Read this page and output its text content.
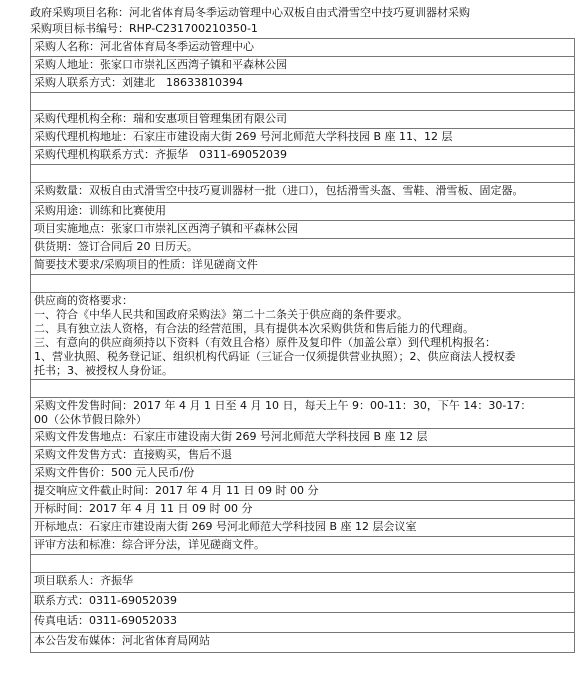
政府采购项目名称：河北省体育局冬季运动管理中心双板自由式滑雪空中技巧夏训器材采购
采购项目标书编号：RHP-C231700210350-1
采购人名称：河北省体育局冬季运动管理中心
采购人地址：张家口市崇礼区西湾子镇和平森林公园
采购人联系方式：刘建北　18633810394

采购代理机构全称：瑞和安惠项目管理集团有限公司
采购代理机构地址：石家庄市建设南大街 269 号河北师范大学科技园 B 座 11、12 层
采购代理机构联系方式：齐振华　0311-69052039

采购数量：双板自由式滑雪空中技巧夏训器材一批（进口），包括滑雪头盔、雪鞋、滑雪板、固定器。
采购用途：训练和比赛使用
项目实施地点：张家口市崇礼区西湾子镇和平森林公园
供货期：签订合同后 20 日历天。
简要技术要求/采购项目的性质：详见磋商文件

供应商的资格要求：
一、符合《中华人民共和国政府采购法》第二十二条关于供应商的条件要求。
二、具有独立法人资格，有合法的经营范围，具有提供本次采购供货和售后能力的代理商。
三、有意向的供应商须持以下资料（有效且合格）原件及复印件（加盖公章）到代理机构报名：
1、营业执照、税务登记证、组织机构代码证（三证合一仅须提供营业执照）；2、供应商法人授权委
托书；3、被授权人身份证。

采购文件发售时间：2017 年 4 月 1 日至 4 月 10 日，每天上午 9：00-11：30，下午 14：30-17：
00（公休节假日除外）

采购文件发售地点：石家庄市建设南大街 269 号河北师范大学科技园 B 座 12 层
采购文件发售方式：直接购买，售后不退
采购文件售价：500 元人民币/份
提交响应文件截止时间：2017 年 4 月 11 日 09 时 00 分
开标时间：2017 年 4 月 11 日 09 时 00 分
开标地点：石家庄市建设南大街 269 号河北师范大学科技园 B 座 12 层会议室
评审方法和标准：综合评分法，详见磋商文件。

项目联系人：齐振华
联系方式：0311-69052039
传真电话：0311-69052033
本公告发布媒体：河北省体育局网站
